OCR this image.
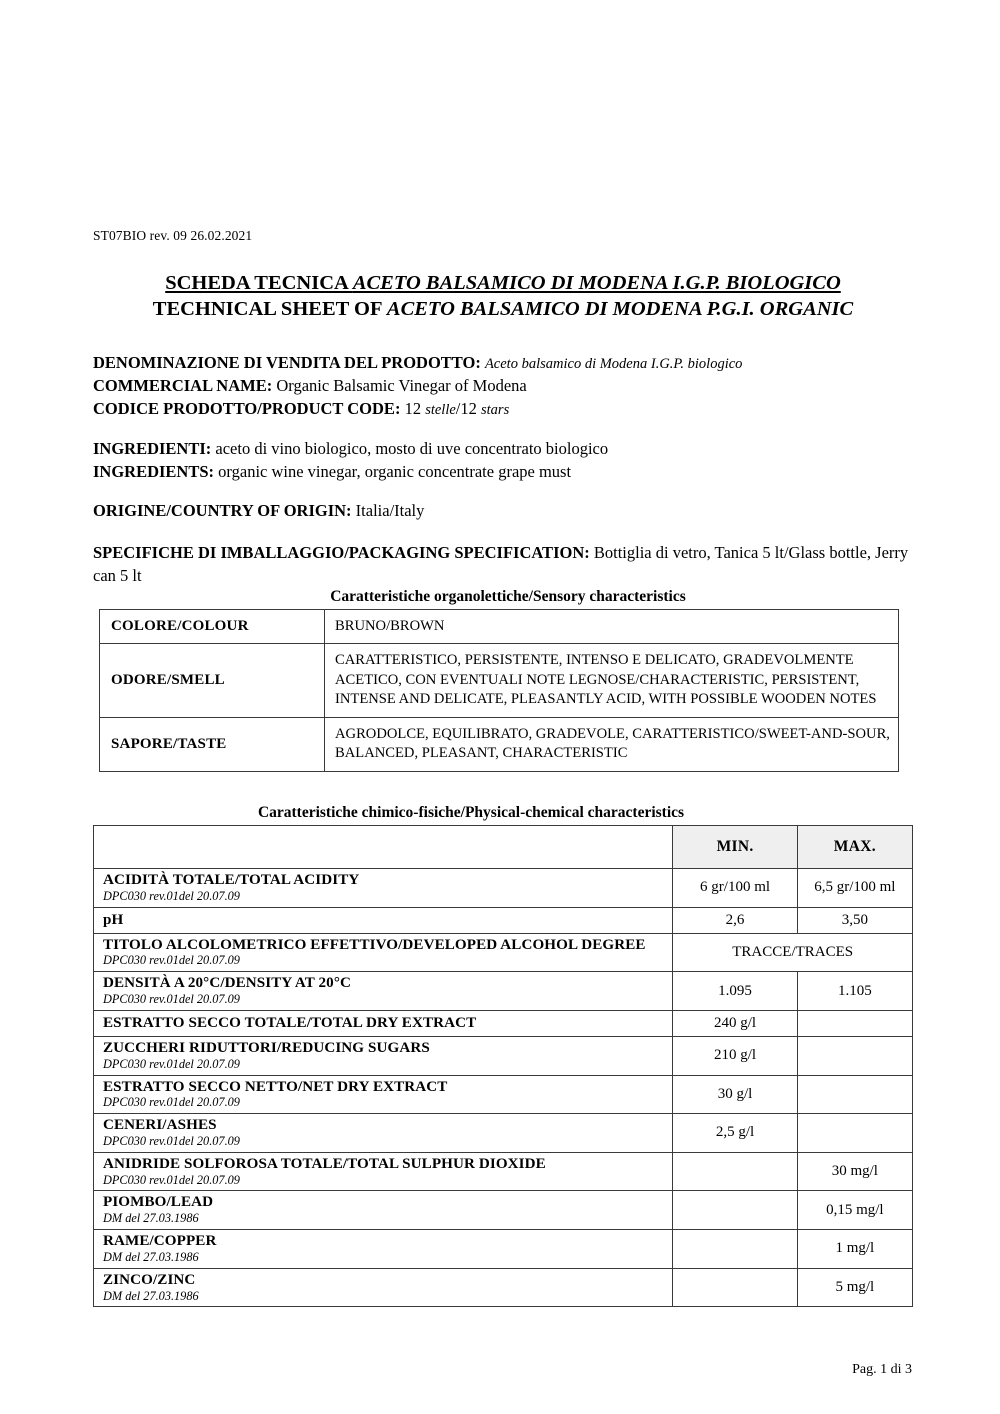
ST07BIO rev. 09 26.02.2021
SCHEDA TECNICA ACETO BALSAMICO DI MODENA I.G.P. BIOLOGICO
TECHNICAL SHEET OF ACETO BALSAMICO DI MODENA P.G.I. ORGANIC
DENOMINAZIONE DI VENDITA DEL PRODOTTO: Aceto balsamico di Modena I.G.P. biologico
COMMERCIAL NAME: Organic Balsamic Vinegar of Modena
CODICE PRODOTTO/PRODUCT CODE: 12 stelle/12 stars
INGREDIENTI: aceto di vino biologico, mosto di uve concentrato biologico
INGREDIENTS: organic wine vinegar, organic concentrate grape must
ORIGINE/COUNTRY OF ORIGIN: Italia/Italy
SPECIFICHE DI IMBALLAGGIO/PACKAGING SPECIFICATION: Bottiglia di vetro, Tanica 5 lt/Glass bottle, Jerry can 5 lt
Caratteristiche organolettiche/Sensory characteristics
COLORE/COLOUR	BRUNO/BROWN
ODORE/SMELL	CARATTERISTICO, PERSISTENTE, INTENSO E DELICATO, GRADEVOLMENTE ACETICO, CON EVENTUALI NOTE LEGNOSE/CHARACTERISTIC, PERSISTENT, INTENSE AND DELICATE, PLEASANTLY ACID, WITH POSSIBLE WOODEN NOTES
SAPORE/TASTE	AGRODOLCE, EQUILIBRATO, GRADEVOLE, CARATTERISTICO/SWEET-AND-SOUR, BALANCED, PLEASANT, CHARACTERISTIC
Caratteristiche chimico-fisiche/Physical-chemical characteristics
	MIN.	MAX.

ACIDITÀ TOTALE/TOTAL ACIDITY
DPC030 rev.01del 20.07.09	6 gr/100 ml	6,5 gr/100 ml

pH	2,6	3,50

TITOLO ALCOLOMETRICO EFFETTIVO/DEVELOPED ALCOHOL DEGREE
DPC030 rev.01del 20.07.09	TRACCE/TRACES	

DENSITÀ A 20°C/DENSITY AT 20°C
DPC030 rev.01del 20.07.09	1.095	1.105

ESTRATTO SECCO TOTALE/TOTAL DRY EXTRACT	240 g/l	

ZUCCHERI RIDUTTORI/REDUCING SUGARS
DPC030 rev.01del 20.07.09	210 g/l	

ESTRATTO SECCO NETTO/NET DRY EXTRACT
DPC030 rev.01del 20.07.09	30 g/l	

CENERI/ASHES
DPC030 rev.01del 20.07.09	2,5 g/l	

ANIDRIDE SOLFOROSA TOTALE/TOTAL SULPHUR DIOXIDE
DPC030 rev.01del 20.07.09		30 mg/l

PIOMBO/LEAD
DM del 27.03.1986		0,15 mg/l

RAME/COPPER
DM del 27.03.1986		1 mg/l

ZINCO/ZINC
DM del 27.03.1986		5 mg/l
Pag. 1 di 3
